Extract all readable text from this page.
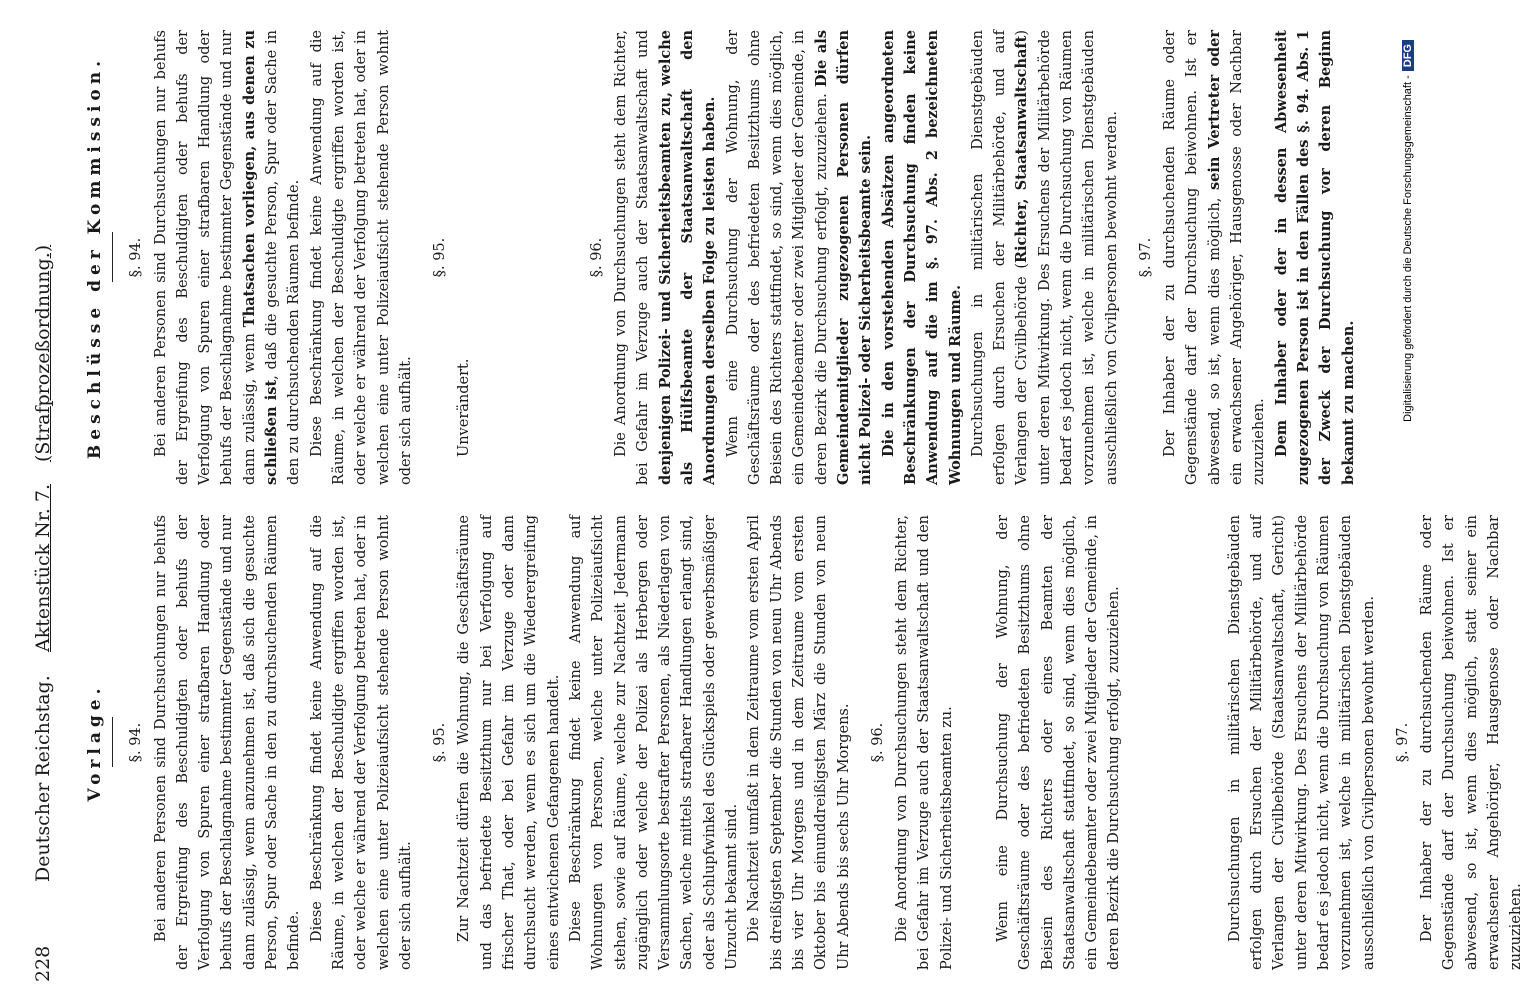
228
Deutscher Reichstag.
Aktenstück Nr. 7.
(Strafprozeßordnung.)
Vorlage. §. 94. Bei anderen Personen sind Durchsuchungen nur behufs der Ergreifung des Beschuldigten oder behufs der Verfolgung von Spuren einer strafbaren Handlung oder behufs der Beschlagnahme bestimmter Gegenstände und nur dann zulässig, wenn anzunehmen ist, daß sich die gesuchte Person, Spur oder Sache in den zu durchsuchenden Räumen befinde. Diese Beschränkung findet keine Anwendung auf die Räume, in welchen der Beschuldigte ergriffen worden ist, oder welche er während der Verfolgung betreten hat, oder in welchen eine unter Polizeiaufsicht stehende Person wohnt oder sich aufhält.

§. 95. Zur Nachtzeit dürfen die Wohnung, die Geschäftsräume und das befriedete Besitzthum nur bei Verfolgung auf frischer That, oder bei Gefahr im Verzuge oder dann durchsucht werden, wenn es sich um die Wiederergreifung eines entwichenen Gefangenen handelt. Diese Beschränkung findet keine Anwendung auf Wohnungen von Personen, welche unter Polizeiaufsicht stehen, sowie auf Räume, welche zur Nachtzeit Jedermann zugänglich oder welche der Polizei als Herbergen oder Versammlungsorte bestrafter Personen, als Niederlagen von Sachen, welche mittels strafbarer Handlungen erlangt sind, oder als Schlupfwinkel des Glückspiels oder gewerbsmäßiger Unzucht bekannt sind. Die Nachtzeit umfaßt in dem Zeitraume vom ersten April bis dreißigsten September die Stunden von neun Uhr Abends bis vier Uhr Morgens und in dem Zeitraume vom ersten Oktober bis einunddreißigsten März die Stunden von neun Uhr Abends bis sechs Uhr Morgens. §. 96. Die Anordnung von Durchsuchungen steht dem Richter, bei Gefahr im Verzuge auch der Staatsanwaltschaft und den Polizei- und Sicherheitsbeamten zu.	Wenn eine Durchsuchung der Wohnung, der Geschäftsräume oder des befriedeten Besitzthums ohne Beisein des Richters oder eines Beamten der Staatsanwaltschaft stattfindet, so sind, wenn dies möglich, ein Gemeindebeamter oder zwei Mitglieder der Gemeinde, in deren Bezirk die Durchsuchung erfolgt, zuzuziehen.	Durchsuchungen in militärischen Dienstgebäuden erfolgen durch Ersuchen der Militärbehörde, und auf Verlangen der Civilbehörde (Staatsanwaltschaft, Gericht) unter deren Mitwirkung. Des Ersuchens der Militärbehörde bedarf es jedoch nicht, wenn die Durchsuchung von Räumen vorzunehmen ist, welche in militärischen Dienstgebäuden ausschließlich von Civilpersonen bewohnt werden. §. 97. Der Inhaber der zu durchsuchenden Räume oder Gegenstände darf der Durchsuchung beiwohnen. Ist er abwesend, so ist, wenn dies möglich, statt seiner ein erwachsener Angehöriger, Hausgenosse oder Nachbar zuzuziehen.

Beschlüsse der Kommission. §. 94. Bei anderen Personen sind Durchsuchungen nur behufs der Ergreifung des Beschuldigten oder behufs der Verfolgung von Spuren einer strafbaren Handlung oder behufs der Beschlagnahme bestimmter Gegenstände und nur dann zulässig, wenn Thatsachen vorliegen, aus denen zu schließen ist, daß die gesuchte Person, Spur oder Sache in den zu durchsuchenden Räumen befinde. Diese Beschränkung findet keine Anwendung auf die Räume, in welchen der Beschuldigte ergriffen worden ist, oder welche er während der Verfolgung betreten hat, oder in welchen eine unter Polizeiaufsicht stehende Person wohnt oder sich aufhält.

§. 95.

Unverändert.

§. 96. Die Anordnung von Durchsuchungen steht dem Richter, bei Gefahr im Verzuge auch der Staatsanwaltschaft und denjenigen Polizei- und Sicherheitsbeamten zu, welche als Hülfsbeamte der Staatsanwaltschaft den Anordnungen derselben Folge zu leisten haben. Wenn eine Durchsuchung der Wohnung, der Geschäftsräume oder des befriedeten Besitzthums ohne Beisein des Richters stattfindet, so sind, wenn dies möglich, ein Gemeindebeamter oder zwei Mitglieder der Gemeinde, in deren Bezirk die Durchsuchung erfolgt, zuzuziehen. Die als Gemeindemitglieder zugezogenen Personen dürfen nicht Polizei- oder Sicherheitsbeamte sein. Die in den vorstehenden Absätzen angeordneten Beschränkungen der Durchsuchung finden keine Anwendung auf die im §. 97. Abs. 2 bezeichneten Wohnungen und Räume. Durchsuchungen in militärischen Dienstgebäuden erfolgen durch Ersuchen der Militärbehörde, und auf Verlangen der Civilbehörde (Richter, Staatsanwaltschaft) unter deren Mitwirkung. Des Ersuchens der Militärbehörde bedarf es jedoch nicht, wenn die Durchsuchung von Räumen vorzunehmen ist, welche in militärischen Dienstgebäuden ausschließlich von Civilpersonen bewohnt werden. §. 97. Der Inhaber der zu durchsuchenden Räume oder Gegenstände darf der Durchsuchung beiwohnen. Ist er abwesend, so ist, wenn dies möglich, sein Vertreter oder ein erwachsener Angehöriger, Hausgenosse oder Nachbar zuzuziehen. Dem Inhaber oder der in dessen Abwesenheit zugezogenen Person ist in den Fällen des §. 94. Abs. 1 der Zweck der Durchsuchung vor deren Beginn bekannt zu machen.	Digitalisierung gefördert durch die Deutsche Forschungsgemeinschaft -DFG
